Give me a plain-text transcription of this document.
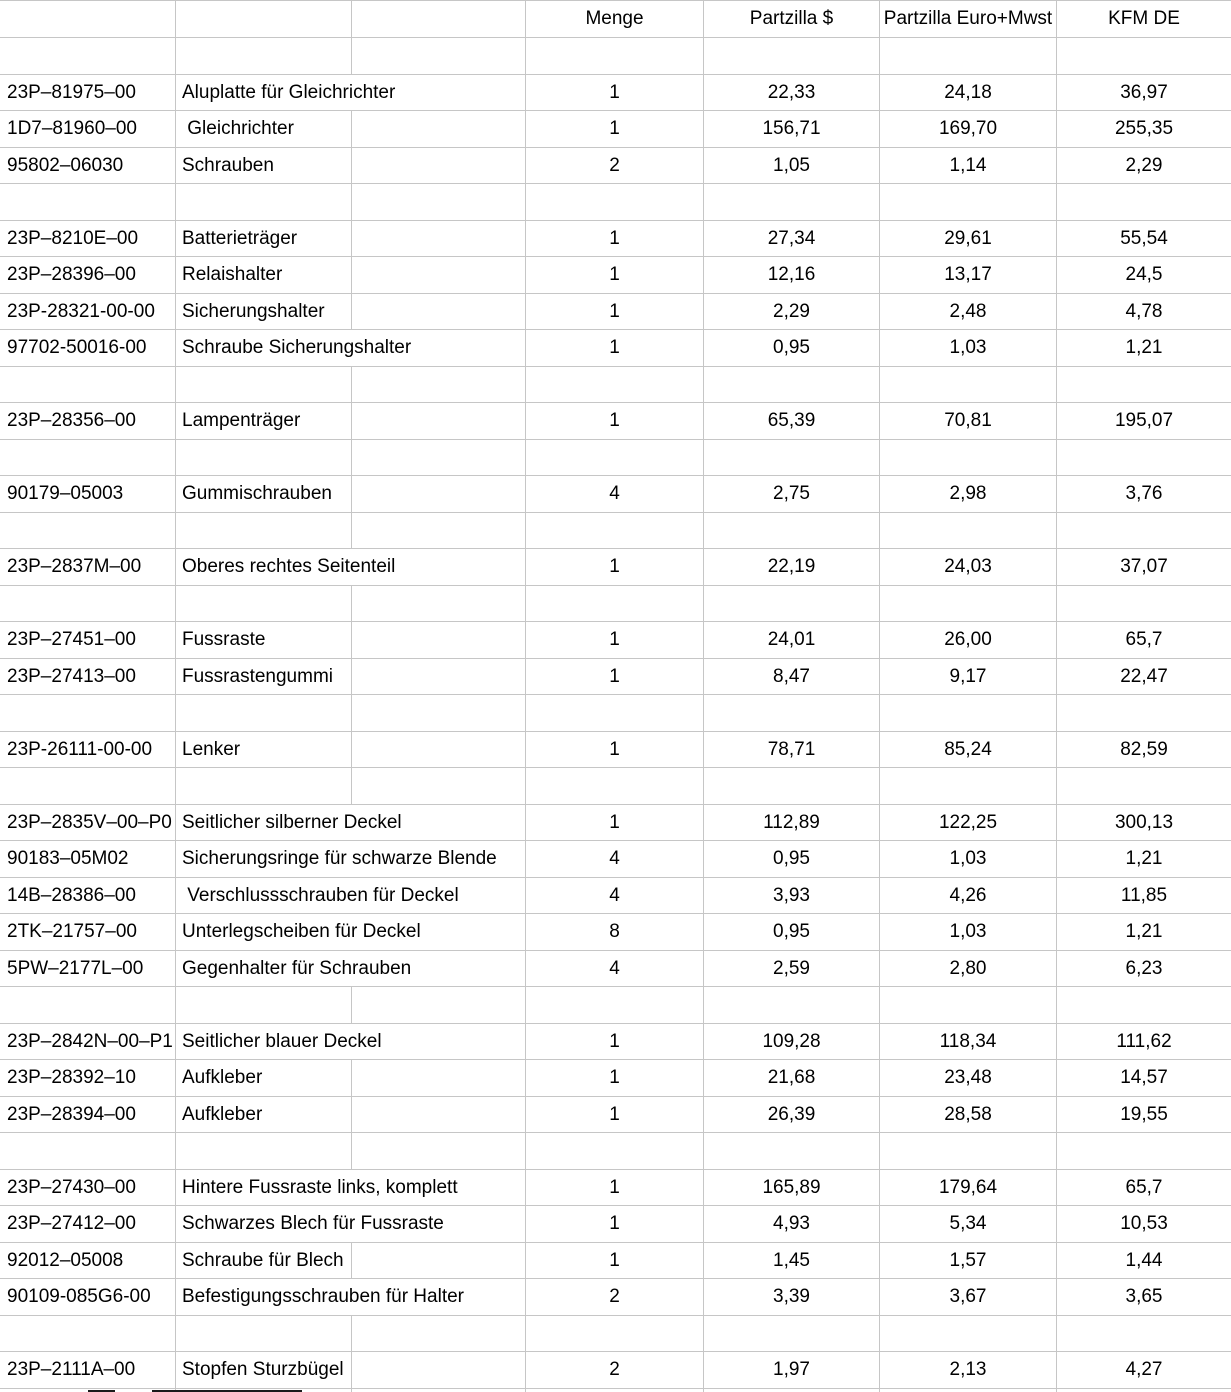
Menge	Partzilla $	Partzilla Euro+Mwst	KFM DE
23P–81975–00	Aluplatte für Gleichrichter	1	22,33	24,18	36,97
1D7–81960–00	Gleichrichter	1	156,71	169,70	255,35
95802–06030	Schrauben	2	1,05	1,14	2,29
23P–8210E–00	Batterieträger	1	27,34	29,61	55,54
23P–28396–00	Relaishalter	1	12,16	13,17	24,5
23P-28321-00-00	Sicherungshalter	1	2,29	2,48	4,78
97702-50016-00	Schraube Sicherungshalter	1	0,95	1,03	1,21
23P–28356–00	Lampenträger	1	65,39	70,81	195,07
90179–05003	Gummischrauben	4	2,75	2,98	3,76
23P–2837M–00	Oberes rechtes Seitenteil	1	22,19	24,03	37,07
23P–27451–00	Fussraste	1	24,01	26,00	65,7
23P–27413–00	Fussrastengummi	1	8,47	9,17	22,47
23P-26111-00-00	Lenker	1	78,71	85,24	82,59
23P–2835V–00–P0 Seitlicher silberner Deckel	1	112,89	122,25	300,13
90183–05M02	Sicherungsringe für schwarze Blende	4	0,95	1,03	1,21
14B–28386–00	Verschlussschrauben für Deckel	4	3,93	4,26	11,85
2TK–21757–00	Unterlegscheiben für Deckel	8	0,95	1,03	1,21
5PW–2177L–00	Gegenhalter für Schrauben	4	2,59	2,80	6,23
23P–2842N–00–P1 Seitlicher blauer Deckel	1	109,28	118,34	111,62
23P–28392–10	Aufkleber	1	21,68	23,48	14,57
23P–28394–00	Aufkleber	1	26,39	28,58	19,55
23P–27430–00	Hintere Fussraste links, komplett	1	165,89	179,64	65,7
23P–27412–00	Schwarzes Blech für Fussraste	1	4,93	5,34	10,53
92012–05008	Schraube für Blech	1	1,45	1,57	1,44
90109-085G6-00	Befestigungsschrauben für Halter	2	3,39	3,67	3,65
23P–2111A–00	Stopfen Sturzbügel	2	1,97	2,13	4,27
